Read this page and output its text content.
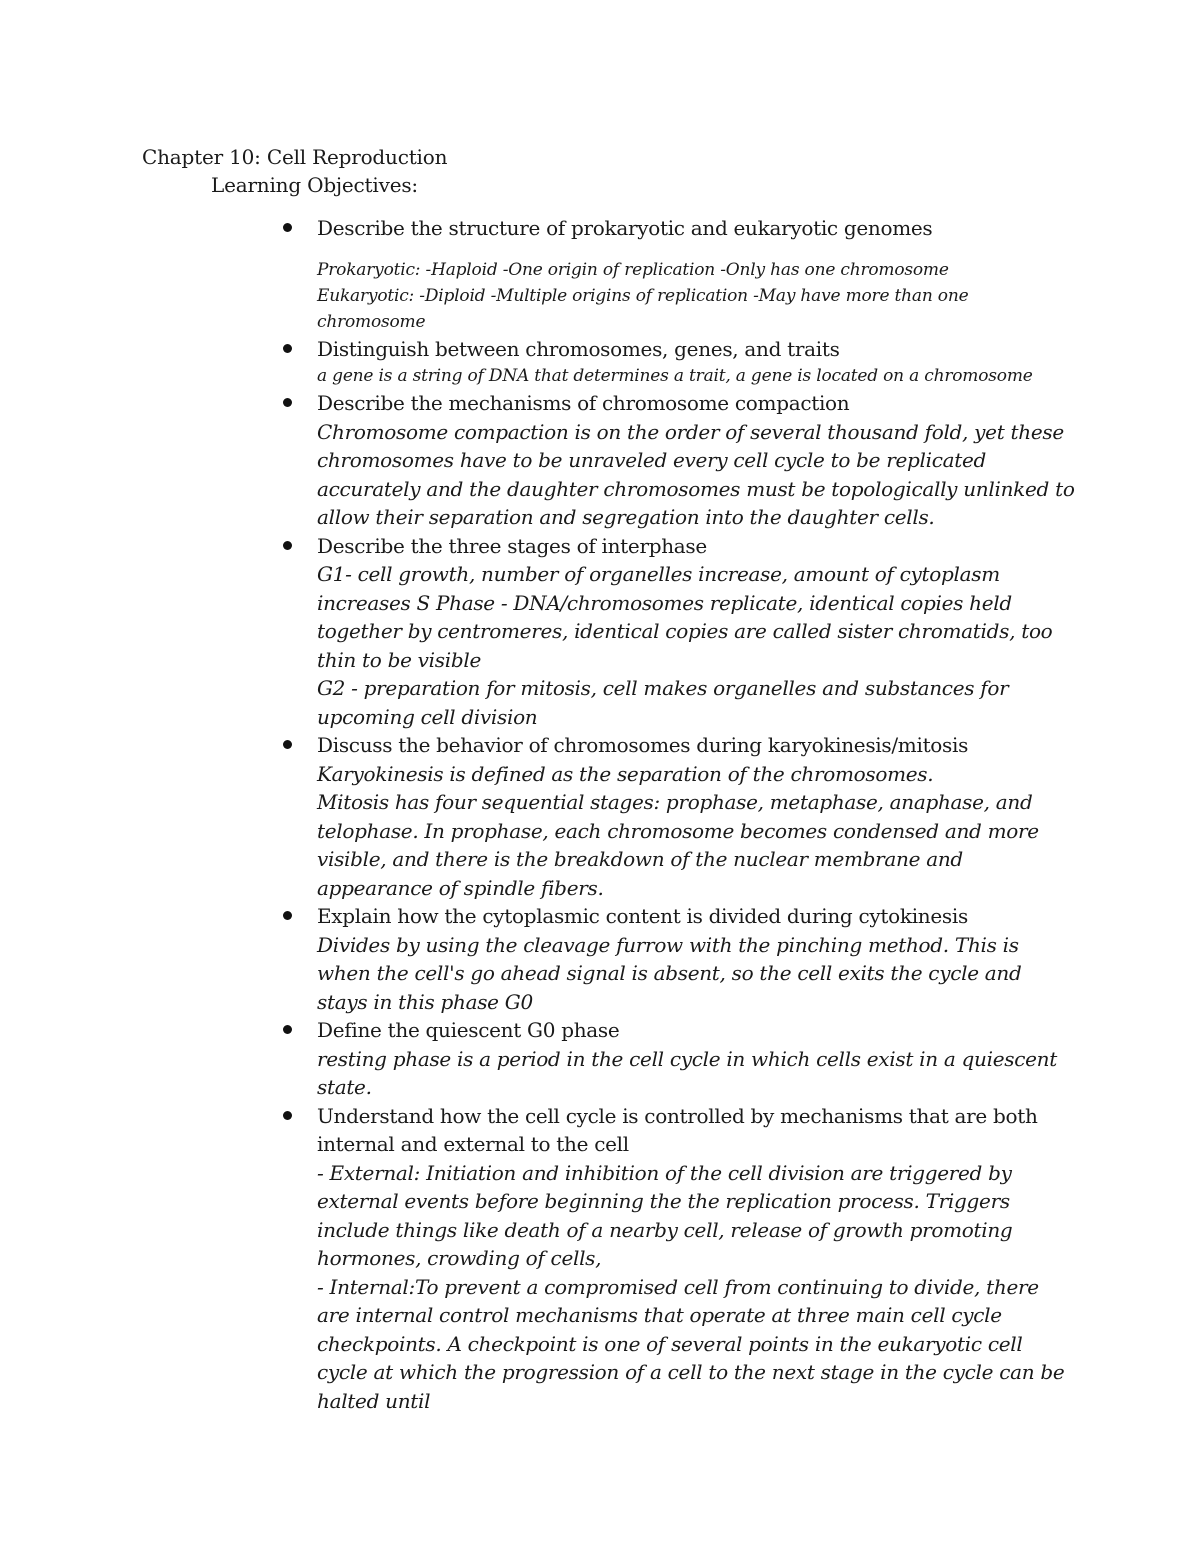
Chapter 10: Cell Reproduction
Learning Objectives:
Describe the structure of prokaryotic and eukaryotic genomes
Prokaryotic: -Haploid -One origin of replication -Only has one chromosome
Eukaryotic: -Diploid -Multiple origins of replication -May have more than one chromosome
Distinguish between chromosomes, genes, and traits
a gene is a string of DNA that determines a trait, a gene is located on a chromosome
Describe the mechanisms of chromosome compaction
Chromosome compaction is on the order of several thousand fold, yet these chromosomes have to be unraveled every cell cycle to be replicated accurately and the daughter chromosomes must be topologically unlinked to allow their separation and segregation into the daughter cells.
Describe the three stages of interphase
G1- cell growth, number of organelles increase, amount of cytoplasm increases S Phase - DNA/chromosomes replicate, identical copies held together by centromeres, identical copies are called sister chromatids, too thin to be visible
G2 - preparation for mitosis, cell makes organelles and substances for upcoming cell division
Discuss the behavior of chromosomes during karyokinesis/mitosis
Karyokinesis is defined as the separation of the chromosomes.
Mitosis has four sequential stages: prophase, metaphase, anaphase, and telophase. In prophase, each chromosome becomes condensed and more visible, and there is the breakdown of the nuclear membrane and appearance of spindle fibers.
Explain how the cytoplasmic content is divided during cytokinesis
Divides by using the cleavage furrow with the pinching method. This is when the cell's go ahead signal is absent, so the cell exits the cycle and stays in this phase G0
Define the quiescent G0 phase
resting phase is a period in the cell cycle in which cells exist in a quiescent state.
Understand how the cell cycle is controlled by mechanisms that are both internal and external to the cell
- External: Initiation and inhibition of the cell division are triggered by external events before beginning the the replication process. Triggers include things like death of a nearby cell, release of growth promoting hormones, crowding of cells,
- Internal:To prevent a compromised cell from continuing to divide, there are internal control mechanisms that operate at three main cell cycle checkpoints. A checkpoint is one of several points in the eukaryotic cell cycle at which the progression of a cell to the next stage in the cycle can be halted until
